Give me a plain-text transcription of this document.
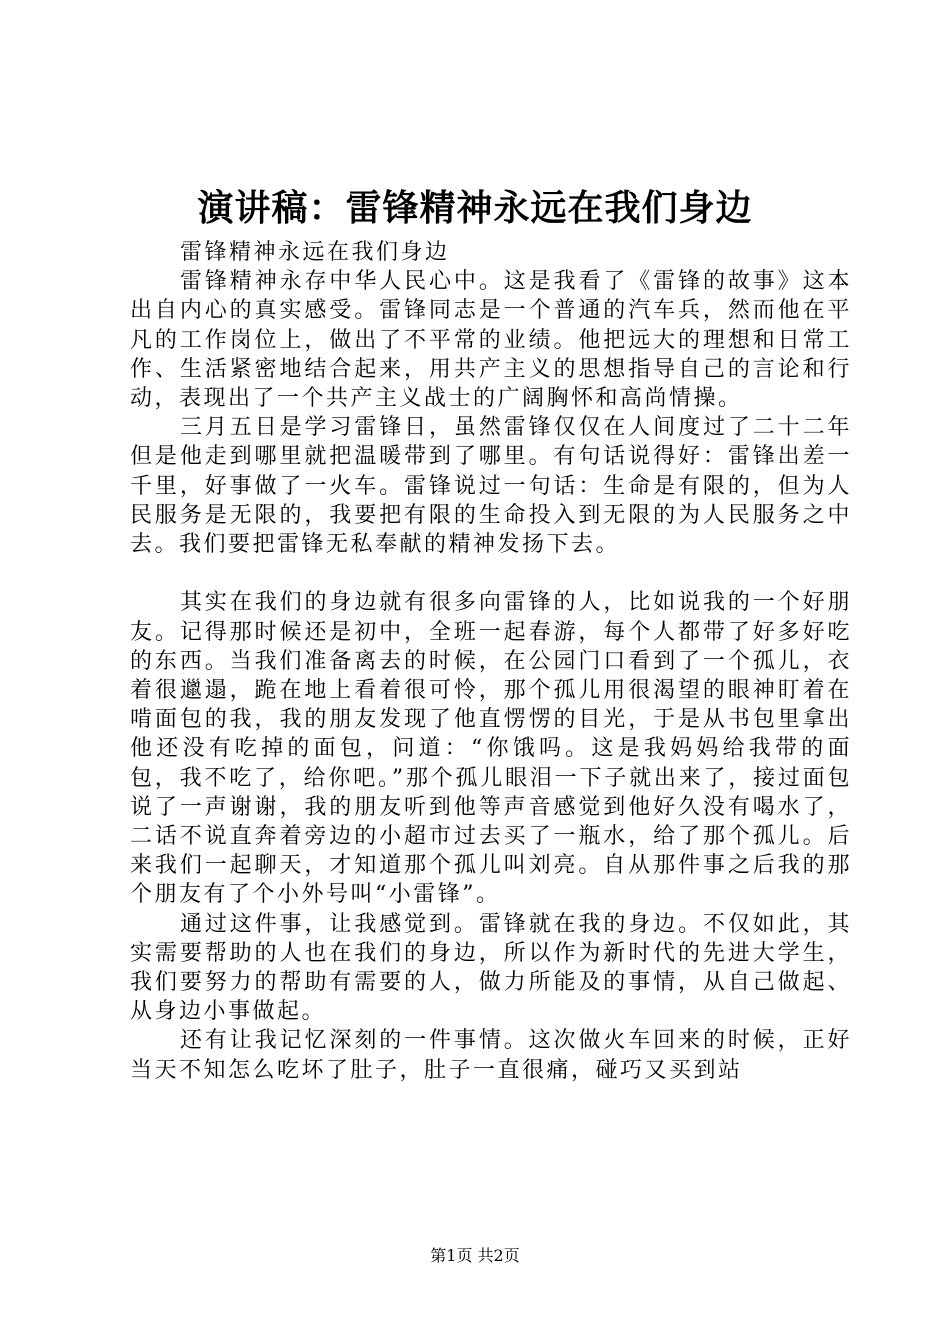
演讲稿：雷锋精神永远在我们身边

雷锋精神永远在我们身边

雷锋精神永存中华人民心中。这是我看了《雷锋的故事》这本出自内心的真实感受。雷锋同志是一个普通的汽车兵，然而他在平凡的工作岗位上，做出了不平常的业绩。他把远大的理想和日常工作、生活紧密地结合起来，用共产主义的思想指导自己的言论和行动，表现出了一个共产主义战士的广阔胸怀和高尚情操。

三月五日是学习雷锋日，虽然雷锋仅仅在人间度过了二十二年但是他走到哪里就把温暖带到了哪里。有句话说得好：雷锋出差一千里，好事做了一火车。雷锋说过一句话：生命是有限的，但为人民服务是无限的，我要把有限的生命投入到无限的为人民服务之中去。我们要把雷锋无私奉献的精神发扬下去。

其实在我们的身边就有很多向雷锋的人，比如说我的一个好朋友。记得那时候还是初中，全班一起春游，每个人都带了好多好吃的东西。当我们准备离去的时候，在公园门口看到了一个孤儿，衣着很邋遢，跪在地上看着很可怜，那个孤儿用很渴望的眼神盯着在啃面包的我，我的朋友发现了他直愣愣的目光，于是从书包里拿出他还没有吃掉的面包，问道：“你饿吗。这是我妈妈给我带的面包，我不吃了，给你吧。”那个孤儿眼泪一下子就出来了，接过面包说了一声谢谢，我的朋友听到他等声音感觉到他好久没有喝水了，二话不说直奔着旁边的小超市过去买了一瓶水，给了那个孤儿。后来我们一起聊天，才知道那个孤儿叫刘亮。自从那件事之后我的那个朋友有了个小外号叫“小雷锋”。

通过这件事，让我感觉到。雷锋就在我的身边。不仅如此，其实需要帮助的人也在我们的身边，所以作为新时代的先进大学生，我们要努力的帮助有需要的人，做力所能及的事情，从自己做起、从身边小事做起。

还有让我记忆深刻的一件事情。这次做火车回来的时候，正好当天不知怎么吃坏了肚子，肚子一直很痛，碰巧又买到站

第1页 共2页
